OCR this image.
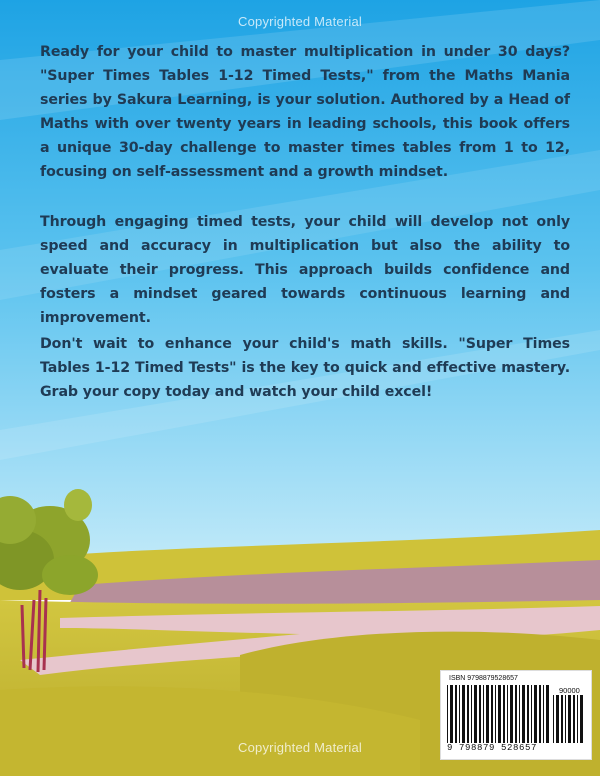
Copyrighted Material

Ready for your child to master multiplication in under 30 days? "Super Times Tables 1-12 Timed Tests," from the Maths Mania series by Sakura Learning, is your solution. Authored by a Head of Maths with over twenty years in leading schools, this book offers a unique 30-day challenge to master times tables from 1 to 12, focusing on self-assessment and a growth mindset.

Through engaging timed tests, your child will develop not only speed and accuracy in multiplication but also the ability to evaluate their progress. This approach builds confidence and fosters a mindset geared towards continuous learning and improvement.

Don't wait to enhance your child's math skills. "Super Times Tables 1-12 Timed Tests" is the key to quick and effective mastery. Grab your copy today and watch your child excel!

ISBN 9798879528657
90000
9 798879 528657
Copyrighted Material
